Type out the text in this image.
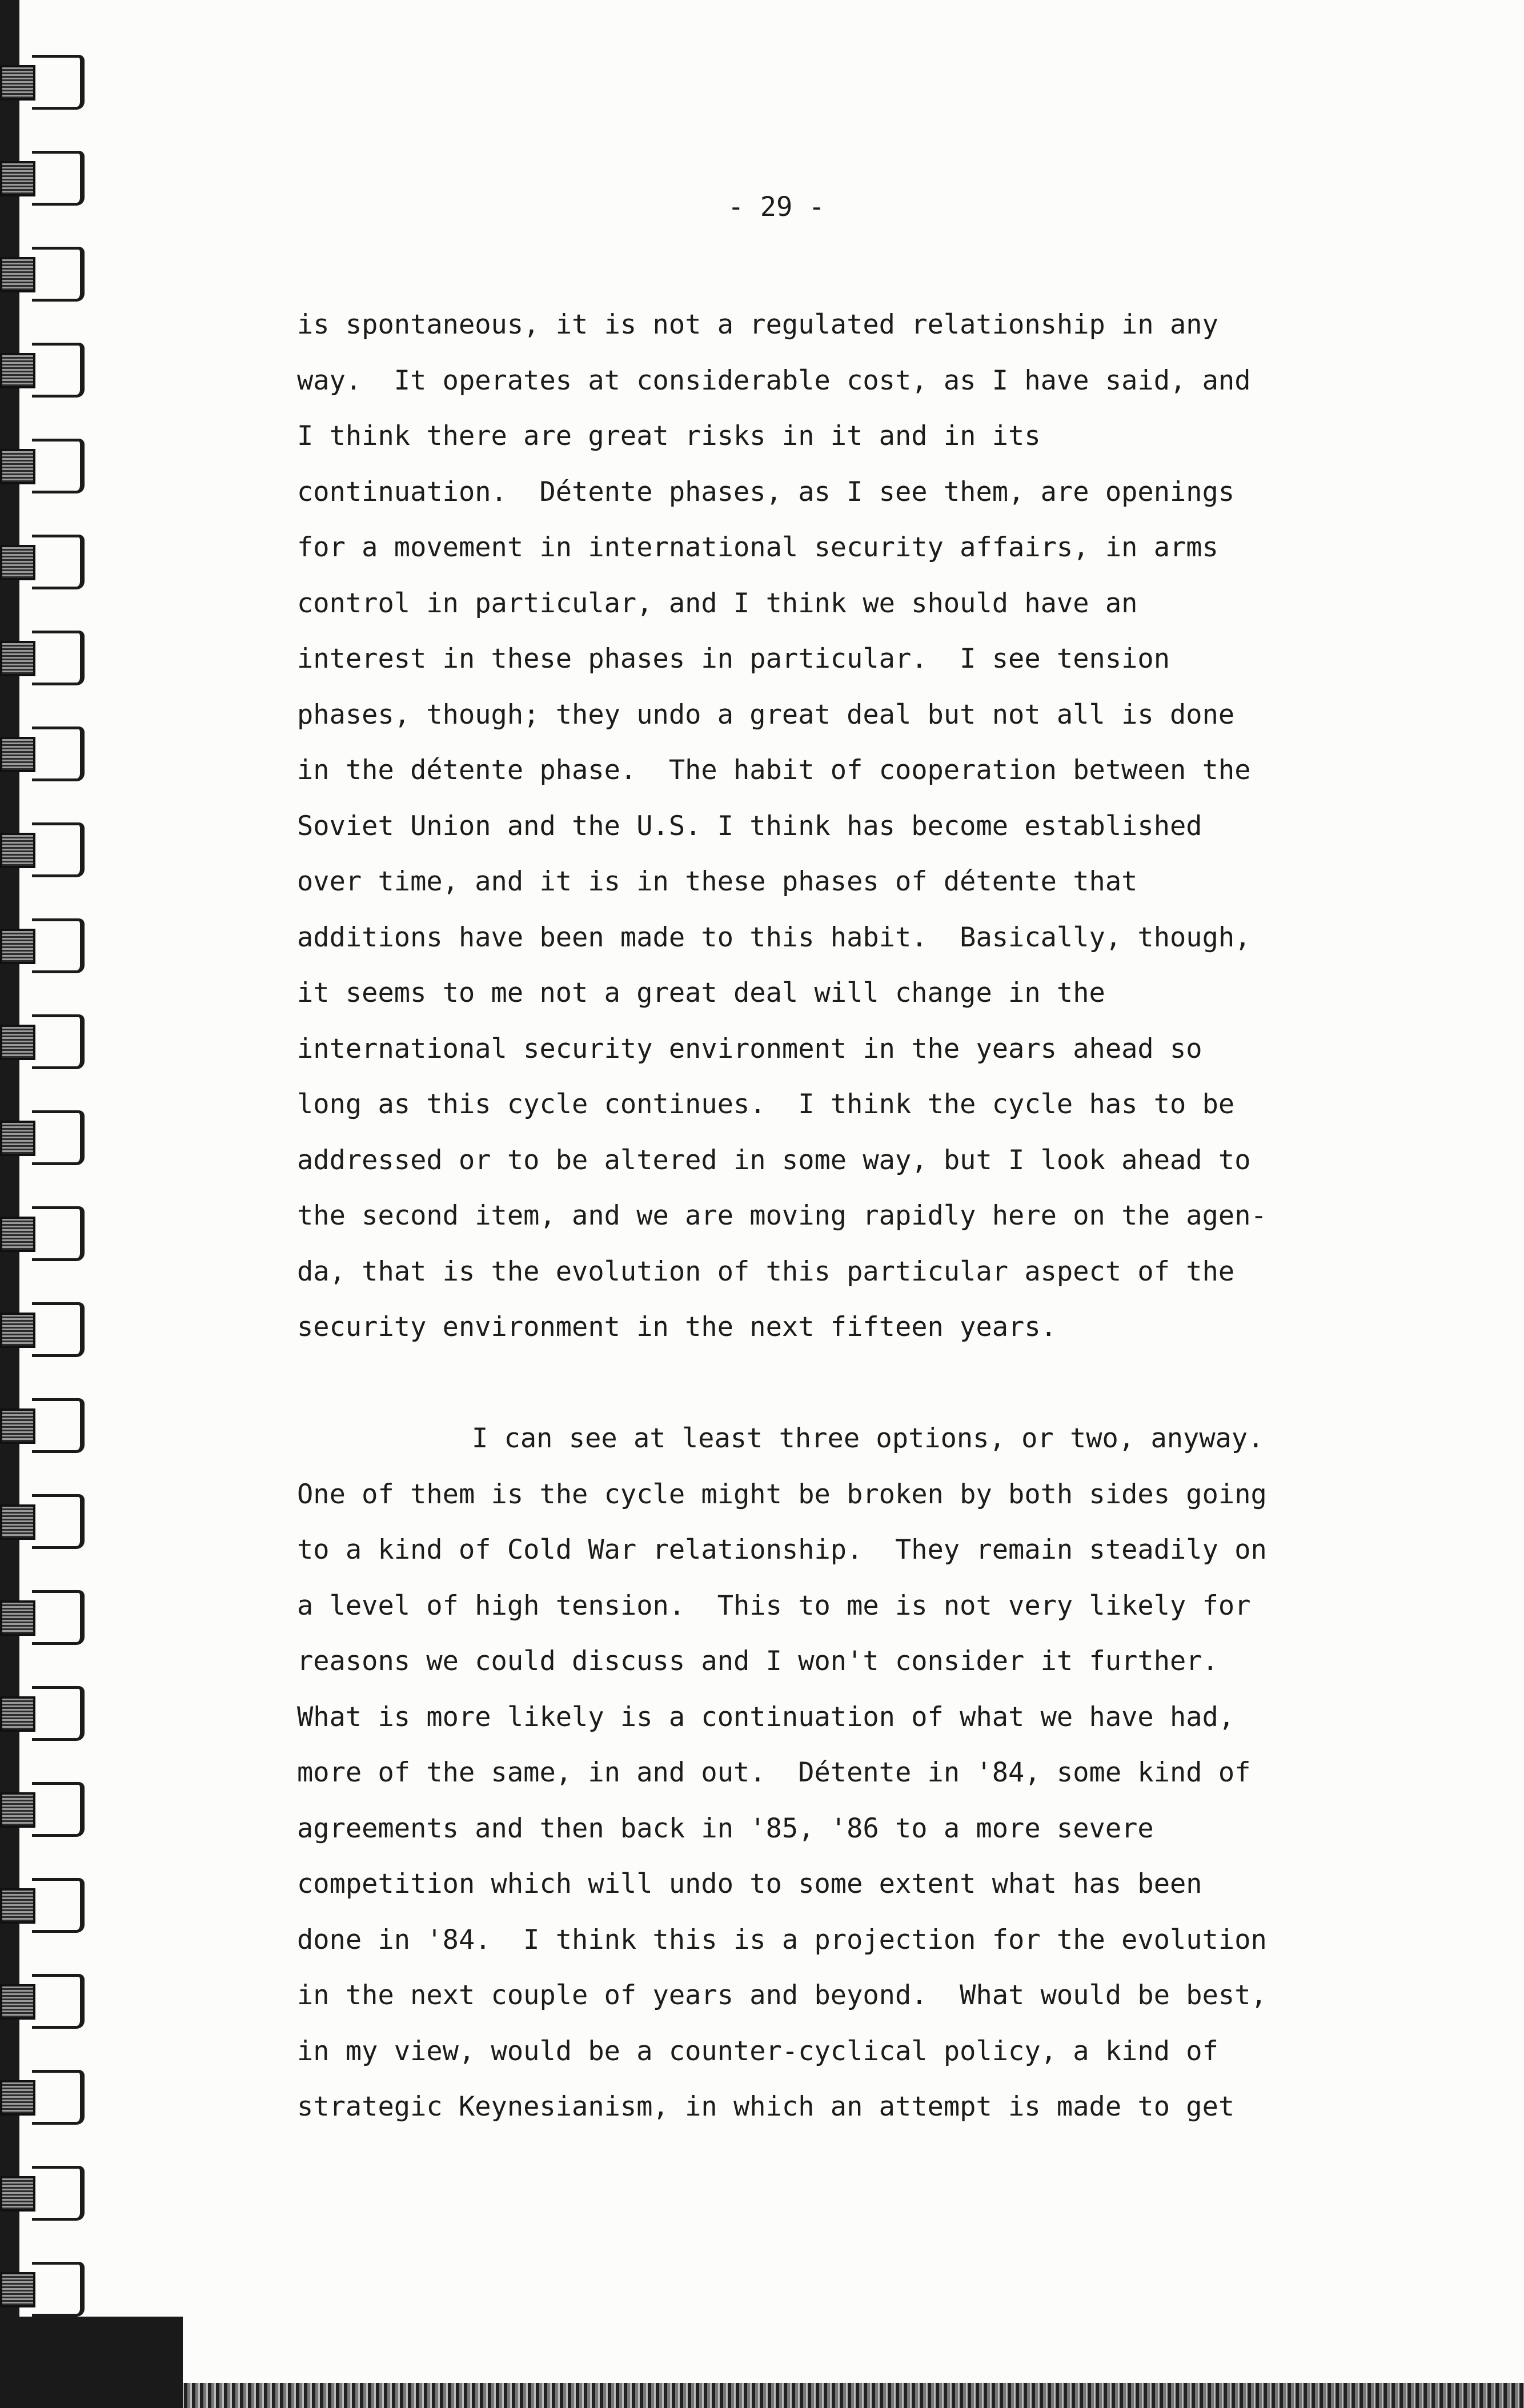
- 29 -
is spontaneous, it is not a regulated relationship in any
way.  It operates at considerable cost, as I have said, and
I think there are great risks in it and in its
continuation.  Détente phases, as I see them, are openings
for a movement in international security affairs, in arms
control in particular, and I think we should have an
interest in these phases in particular.  I see tension
phases, though; they undo a great deal but not all is done
in the détente phase.  The habit of cooperation between the
Soviet Union and the U.S. I think has become established
over time, and it is in these phases of détente that
additions have been made to this habit.  Basically, though,
it seems to me not a great deal will change in the
international security environment in the years ahead so
long as this cycle continues.  I think the cycle has to be
addressed or to be altered in some way, but I look ahead to
the second item, and we are moving rapidly here on the agen-
da, that is the evolution of this particular aspect of the
security environment in the next fifteen years.
I can see at least three options, or two, anyway.
One of them is the cycle might be broken by both sides going
to a kind of Cold War relationship.  They remain steadily on
a level of high tension.  This to me is not very likely for
reasons we could discuss and I won't consider it further.
What is more likely is a continuation of what we have had,
more of the same, in and out.  Détente in '84, some kind of
agreements and then back in '85, '86 to a more severe
competition which will undo to some extent what has been
done in '84.  I think this is a projection for the evolution
in the next couple of years and beyond.  What would be best,
in my view, would be a counter-cyclical policy, a kind of
strategic Keynesianism, in which an attempt is made to get
